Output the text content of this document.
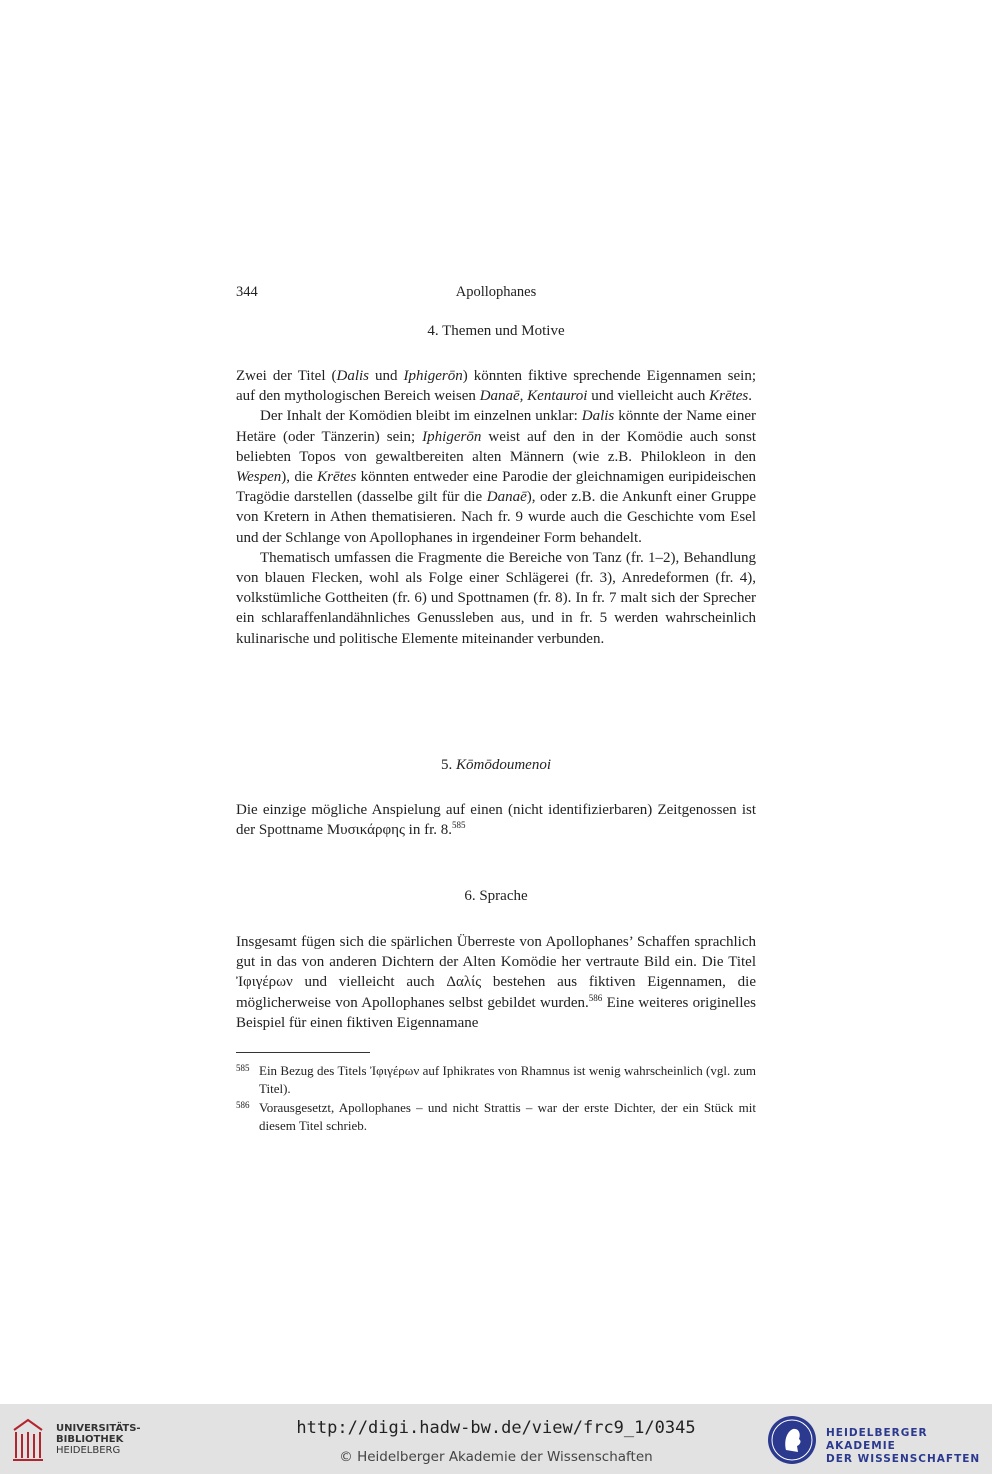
344	Apollophanes
4. Themen und Motive

Zwei der Titel (Dalis und Iphigerōn) könnten fiktive sprechende Eigennamen sein; auf den mythologischen Bereich weisen Danaē, Kentauroi und vielleicht auch Krētes.

Der Inhalt der Komödien bleibt im einzelnen unklar: Dalis könnte der Name einer Hetäre (oder Tänzerin) sein; Iphigerōn weist auf den in der Komödie auch sonst beliebten Topos von gewaltbereiten alten Männern (wie z.B. Philokleon in den Wespen), die Krētes könnten entweder eine Parodie der gleichnamigen euripideischen Tragödie darstellen (dasselbe gilt für die Danaē), oder z.B. die Ankunft einer Gruppe von Kretern in Athen thematisieren. Nach fr. 9 wurde auch die Geschichte vom Esel und der Schlange von Apollophanes in irgendeiner Form behandelt.

Thematisch umfassen die Fragmente die Bereiche von Tanz (fr. 1–2), Behandlung von blauen Flecken, wohl als Folge einer Schlägerei (fr. 3), Anredeformen (fr. 4), volkstümliche Gottheiten (fr. 6) und Spottnamen (fr. 8). In fr. 7 malt sich der Sprecher ein schlaraffenlandähnliches Genussleben aus, und in fr. 5 werden wahrscheinlich kulinarische und politische Elemente miteinander verbunden.

5. Kōmōdoumenoi

Die einzige mögliche Anspielung auf einen (nicht identifizierbaren) Zeitgenossen ist der Spottname Μυσικάρφης in fr. 8.$^{585}$

6. Sprache

Insgesamt fügen sich die spärlichen Überreste von Apollophanes’ Schaffen sprachlich gut in das von anderen Dichtern der Alten Komödie her vertraute Bild ein. Die Titel Ἰφιγέρων und vielleicht auch Δαλίς bestehen aus fiktiven Eigennamen, die möglicherweise von Apollophanes selbst gebildet wurden.$^{586}$ Eine weiteres originelles Beispiel für einen fiktiven Eigennamane

585 Ein Bezug des Titels Ἰφιγέρων auf Iphikrates von Rhamnus ist wenig wahrscheinlich (vgl. zum Titel).
586 Vorausgesetzt, Apollophanes – und nicht Strattis – war der erste Dichter, der ein Stück mit diesem Titel schrieb.
UNIVERSITÄTS-
BIBLIOTHEK
HEIDELBERG
http://digi.hadw-bw.de/view/frc9_1/0345
© Heidelberger Akademie der Wissenschaften
HEIDELBERGER AKADEMIE
DER WISSENSCHAFTEN
